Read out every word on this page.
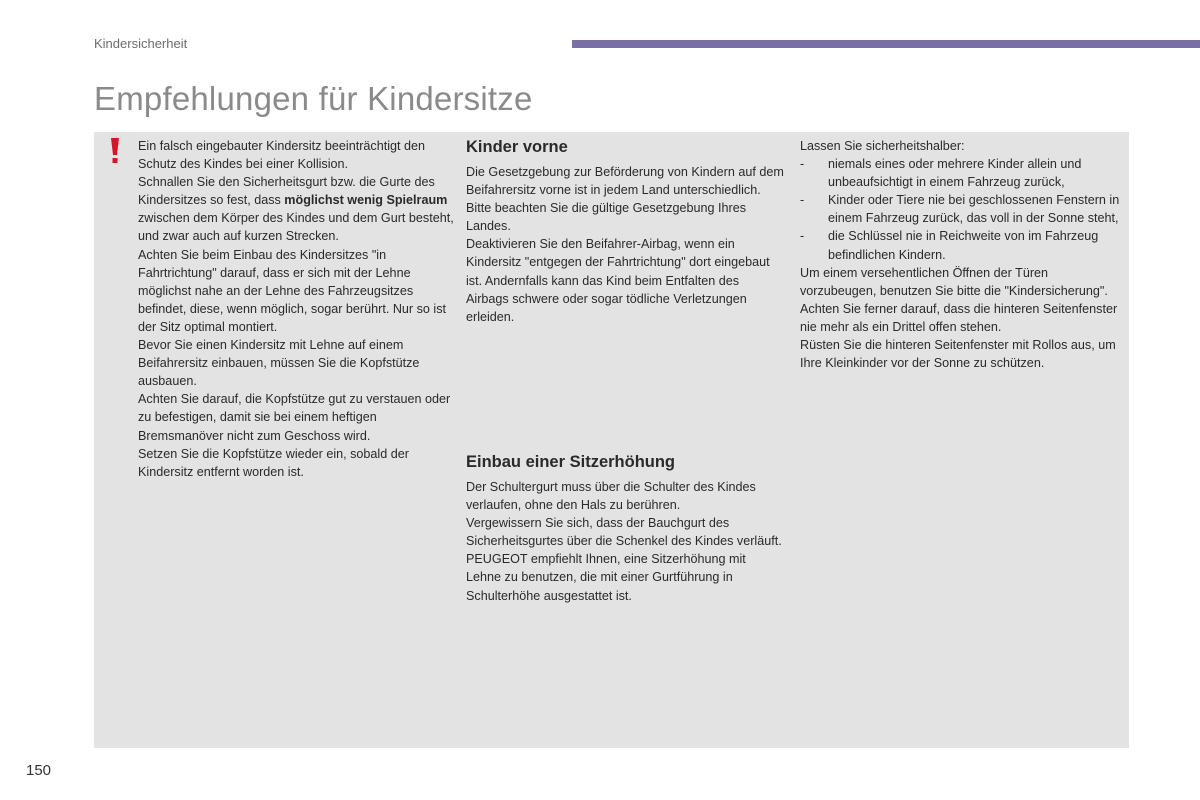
Kindersicherheit
Empfehlungen für Kindersitze

Ein falsch eingebauter Kindersitz beeinträchtigt den Schutz des Kindes bei einer Kollision.

Schnallen Sie den Sicherheitsgurt bzw. die Gurte des Kindersitzes so fest, dass möglichst wenig Spielraum zwischen dem Körper des Kindes und dem Gurt besteht, und zwar auch auf kurzen Strecken.

Achten Sie beim Einbau des Kindersitzes "in Fahrtrichtung" darauf, dass er sich mit der Lehne möglichst nahe an der Lehne des Fahrzeugsitzes befindet, diese, wenn möglich, sogar berührt. Nur so ist der Sitz optimal montiert.

Bevor Sie einen Kindersitz mit Lehne auf einem Beifahrersitz einbauen, müssen Sie die Kopfstütze ausbauen.

Achten Sie darauf, die Kopfstütze gut zu verstauen oder zu befestigen, damit sie bei einem heftigen Bremsmanöver nicht zum Geschoss wird.

Setzen Sie die Kopfstütze wieder ein, sobald der Kindersitz entfernt worden ist.

Kinder vorne

Die Gesetzgebung zur Beförderung von Kindern auf dem Beifahrersitz vorne ist in jedem Land unterschiedlich. Bitte beachten Sie die gültige Gesetzgebung Ihres Landes.

Deaktivieren Sie den Beifahrer-Airbag, wenn ein Kindersitz "entgegen der Fahrtrichtung" dort eingebaut ist. Andernfalls kann das Kind beim Entfalten des Airbags schwere oder sogar tödliche Verletzungen erleiden.

Einbau einer Sitzerhöhung

Der Schultergurt muss über die Schulter des Kindes verlaufen, ohne den Hals zu berühren.

Vergewissern Sie sich, dass der Bauchgurt des Sicherheitsgurtes über die Schenkel des Kindes verläuft.

PEUGEOT empfiehlt Ihnen, eine Sitzerhöhung mit Lehne zu benutzen, die mit einer Gurtführung in Schulterhöhe ausgestattet ist.

Lassen Sie sicherheitshalber:

- niemals eines oder mehrere Kinder allein und unbeaufsichtigt in einem Fahrzeug zurück,
- Kinder oder Tiere nie bei geschlossenen Fenstern in einem Fahrzeug zurück, das voll in der Sonne steht,
- die Schlüssel nie in Reichweite von im Fahrzeug befindlichen Kindern.

Um einem versehentlichen Öffnen der Türen vorzubeugen, benutzen Sie bitte die "Kindersicherung".

Achten Sie ferner darauf, dass die hinteren Seitenfenster nie mehr als ein Drittel offen stehen.

Rüsten Sie die hinteren Seitenfenster mit Rollos aus, um Ihre Kleinkinder vor der Sonne zu schützen.

150
